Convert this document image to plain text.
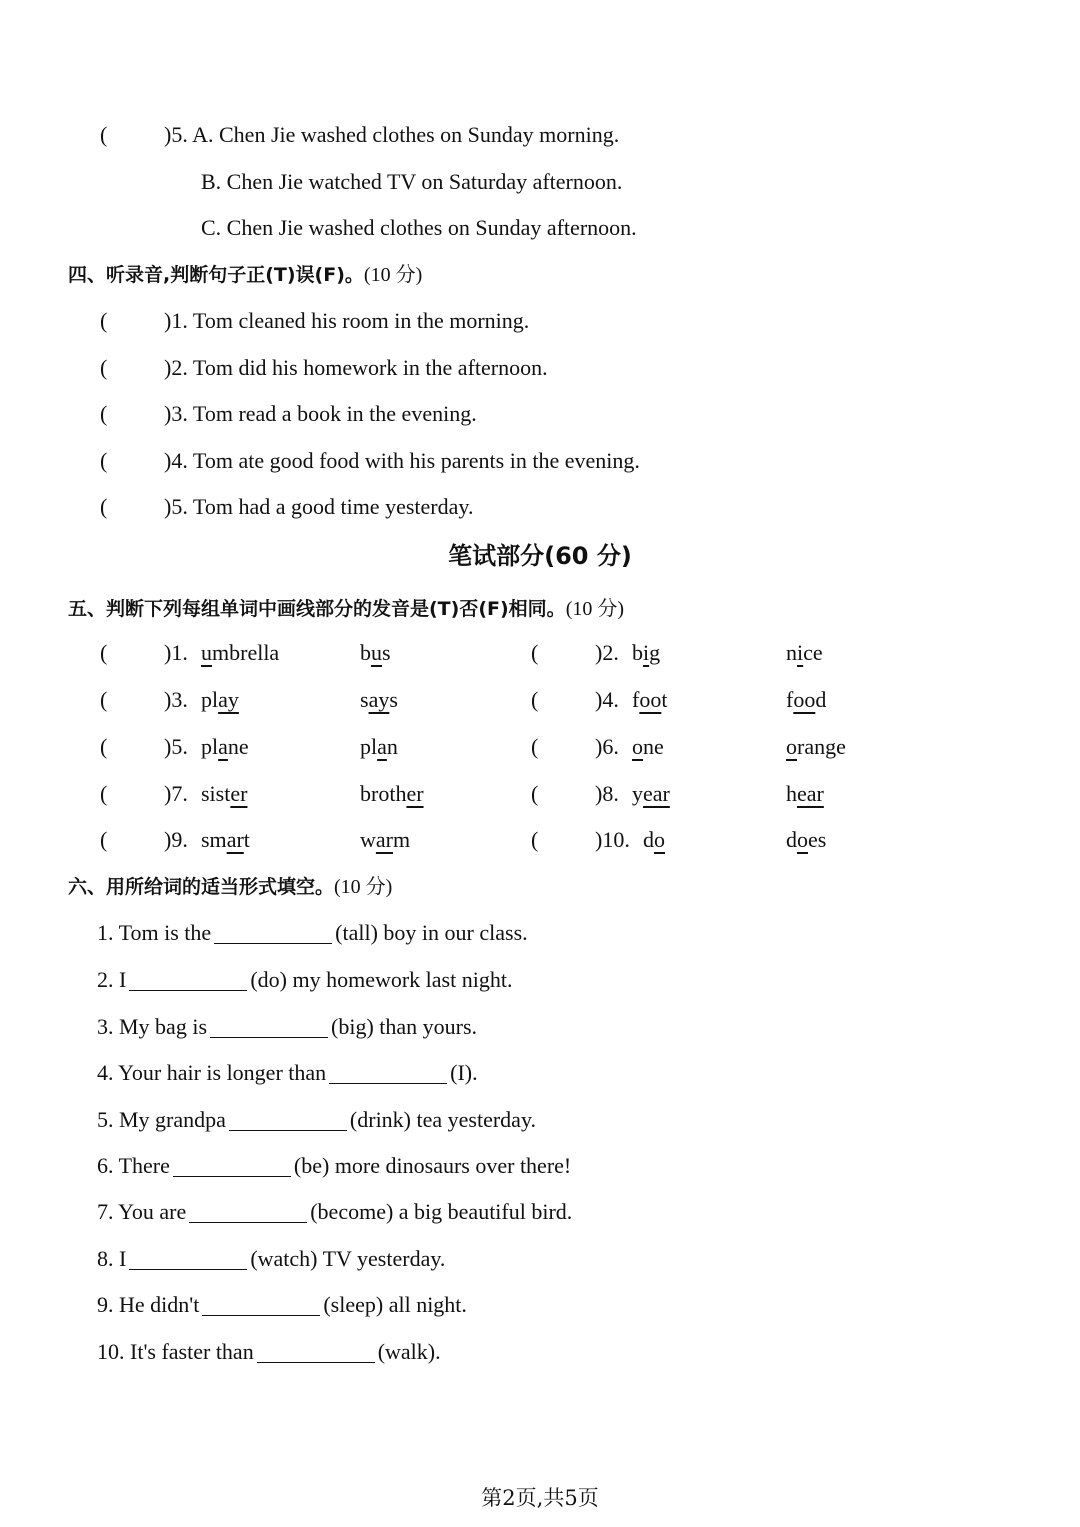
(	)5. A. Chen Jie washed clothes on Sunday morning.
B. Chen Jie watched TV on Saturday afternoon.
C. Chen Jie washed clothes on Sunday afternoon.
四、听录音,判断句子正(T)误(F)。(10 分)
(	)1. Tom cleaned his room in the morning.
(	)2. Tom did his homework in the afternoon.
(	)3. Tom read a book in the evening.
(	)4. Tom ate good food with his parents in the evening.
(	)5. Tom had a good time yesterday.
笔试部分(60 分)
五、判断下列每组单词中画线部分的发音是(T)否(F)相同。(10 分)
(	)1. umbrella	bus	(	)2. big	nice
(	)3. play	says	(	)4. foot	food
(	)5. plane	plan	(	)6. one	orange
(	)7. sister	brother	(	)8. year	hear
(	)9. smart	warm	(	)10. do	does
六、用所给词的适当形式填空。(10 分)
1. Tom is the	(tall) boy in our class.
2. I	(do) my homework last night.
3. My bag is	(big) than yours.
4. Your hair is longer than	(I).
5. My grandpa	(drink) tea yesterday.
6. There	(be) more dinosaurs over there!
7. You are	(become) a big beautiful bird.
8. I	(watch) TV yesterday.
9. He didn't	(sleep) all night.
10. It's faster than	(walk).
第2页,共5页
